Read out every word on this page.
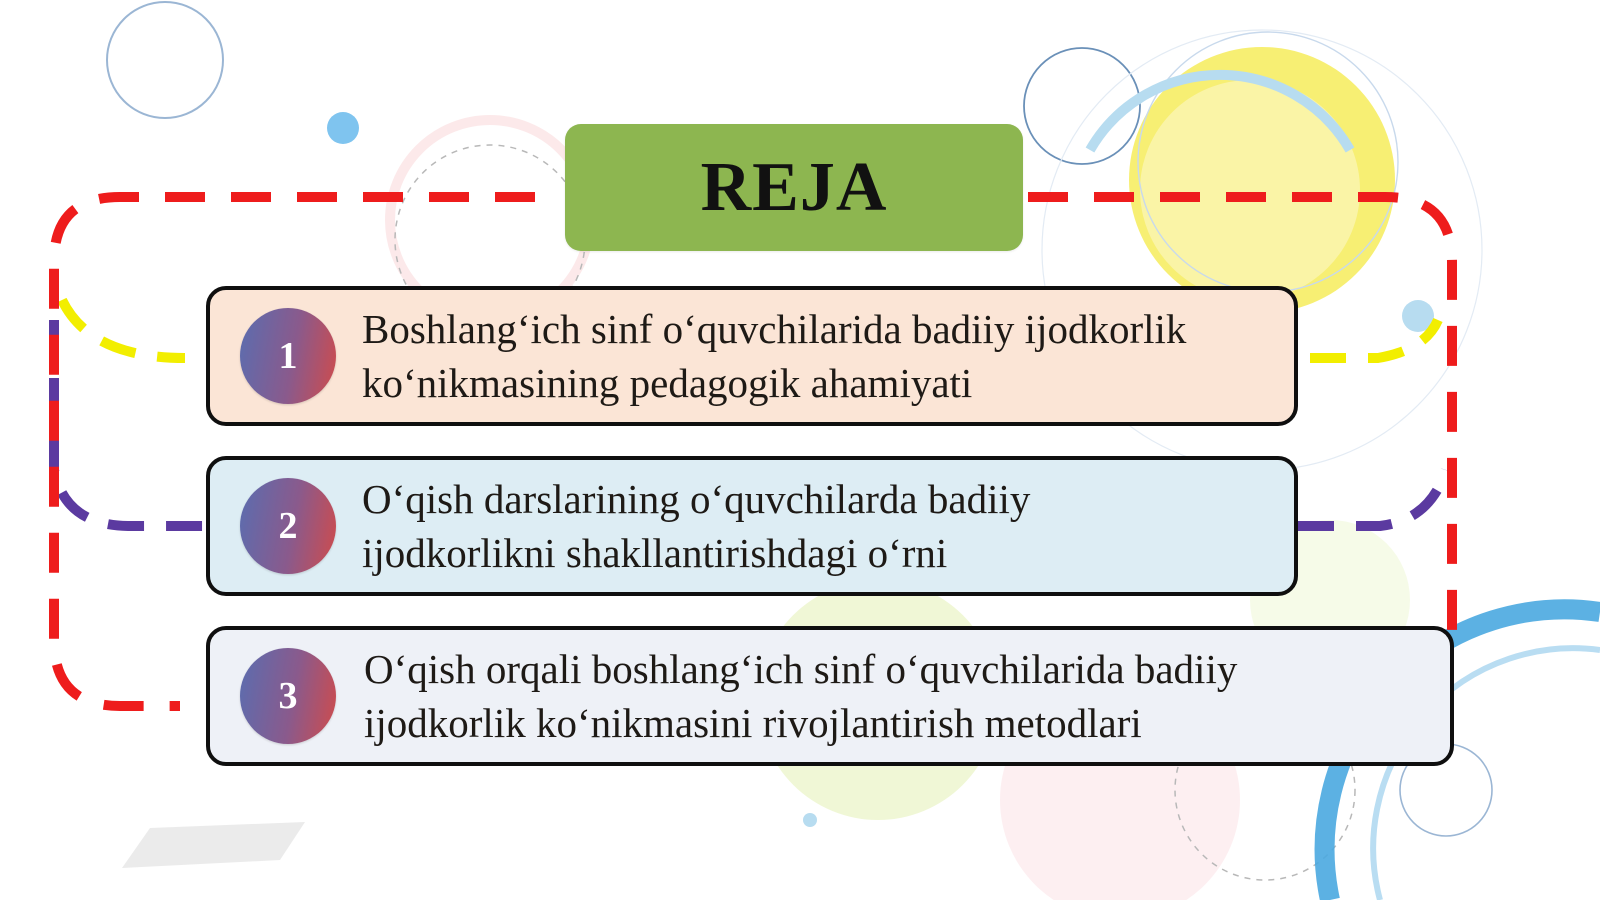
REJA
1
Boshlang‘ich sinf o‘quvchilarida badiiy ijodkorlik
ko‘nikmasining pedagogik ahamiyati
2
O‘qish darslarining o‘quvchilarda badiiy
ijodkorlikni shakllantirishdagi o‘rni
3
O‘qish orqali boshlang‘ich sinf o‘quvchilarida badiiy
ijodkorlik ko‘nikmasini rivojlantirish metodlari
